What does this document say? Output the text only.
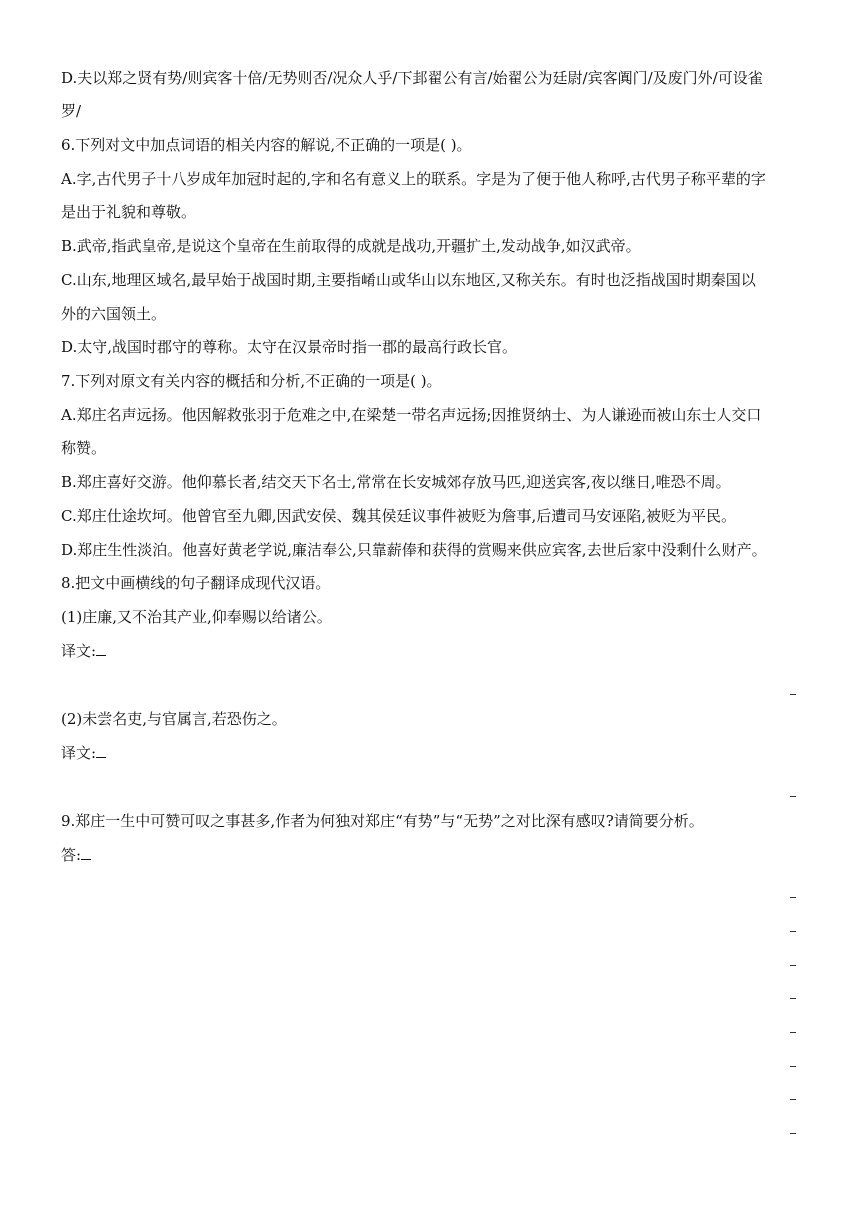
D.夫以郑之贤有势/则宾客十倍/无势则否/况众人乎/下邽翟公有言/始翟公为廷尉/宾客阗门/及废门外/可设雀
罗/
6.下列对文中加点词语的相关内容的解说,不正确的一项是( )。
A.字,古代男子十八岁成年加冠时起的,字和名有意义上的联系。字是为了便于他人称呼,古代男子称平辈的字
是出于礼貌和尊敬。
B.武帝,指武皇帝,是说这个皇帝在生前取得的成就是战功,开疆扩土,发动战争,如汉武帝。
C.山东,地理区域名,最早始于战国时期,主要指崤山或华山以东地区,又称关东。有时也泛指战国时期秦国以
外的六国领土。
D.太守,战国时郡守的尊称。太守在汉景帝时指一郡的最高行政长官。
7.下列对原文有关内容的概括和分析,不正确的一项是( )。
A.郑庄名声远扬。他因解救张羽于危难之中,在梁楚一带名声远扬;因推贤纳士、为人谦逊而被山东士人交口
称赞。
B.郑庄喜好交游。他仰慕长者,结交天下名士,常常在长安城郊存放马匹,迎送宾客,夜以继日,唯恐不周。
C.郑庄仕途坎坷。他曾官至九卿,因武安侯、魏其侯廷议事件被贬为詹事,后遭司马安诬陷,被贬为平民。
D.郑庄生性淡泊。他喜好黄老学说,廉洁奉公,只靠薪俸和获得的赏赐来供应宾客,去世后家中没剩什么财产。
8.把文中画横线的句子翻译成现代汉语。
(1)庄廉,又不治其产业,仰奉赐以给诸公。
译文:
(2)未尝名吏,与官属言,若恐伤之。
译文:
9.郑庄一生中可赞可叹之事甚多,作者为何独对郑庄“有势”与“无势”之对比深有感叹?请简要分析。
答:
